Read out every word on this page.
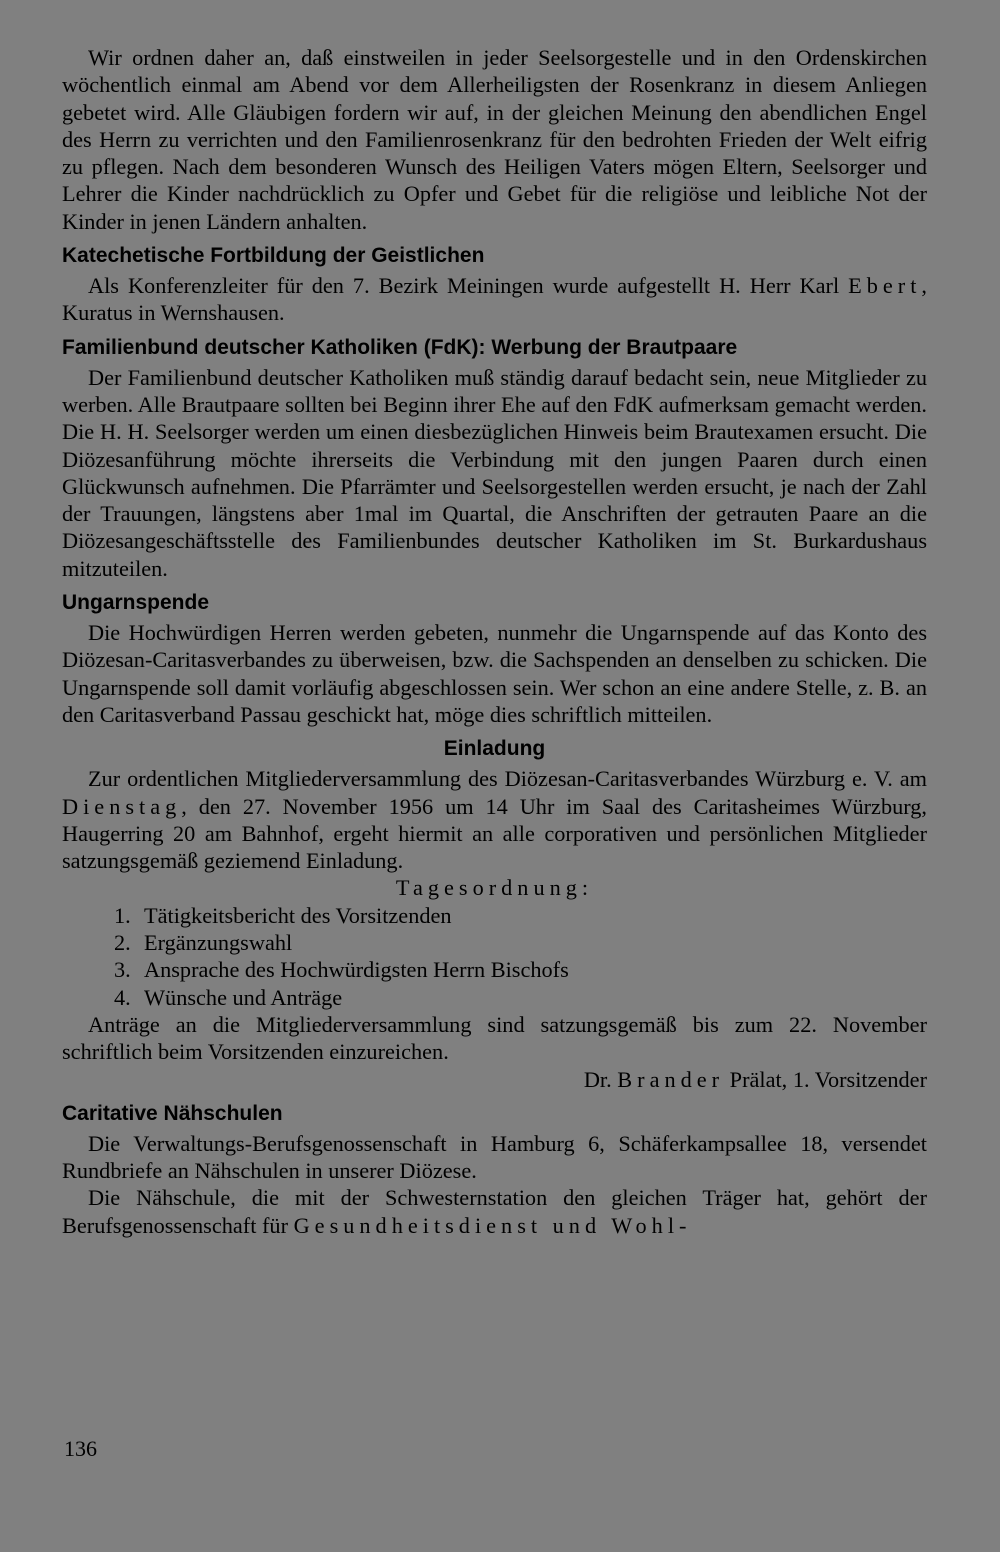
Wir ordnen daher an, daß einstweilen in jeder Seelsorgestelle und in den Ordenskirchen wöchentlich einmal am Abend vor dem Allerheiligsten der Rosenkranz in diesem Anliegen gebetet wird. Alle Gläubigen fordern wir auf, in der gleichen Meinung den abendlichen Engel des Herrn zu verrichten und den Familienrosenkranz für den bedrohten Frieden der Welt eifrig zu pflegen. Nach dem besonderen Wunsch des Heiligen Vaters mögen Eltern, Seelsorger und Lehrer die Kinder nachdrücklich zu Opfer und Gebet für die religiöse und leibliche Not der Kinder in jenen Ländern anhalten.

Katechetische Fortbildung der Geistlichen

Als Konferenzleiter für den 7. Bezirk Meiningen wurde aufgestellt H. Herr Karl Ebert, Kuratus in Wernshausen.

Familienbund deutscher Katholiken (FdK): Werbung der Brautpaare

Der Familienbund deutscher Katholiken muß ständig darauf bedacht sein, neue Mitglieder zu werben. Alle Brautpaare sollten bei Beginn ihrer Ehe auf den FdK aufmerksam gemacht werden. Die H. H. Seelsorger werden um einen diesbezüglichen Hinweis beim Brautexamen ersucht. Die Diözesanführung möchte ihrerseits die Verbindung mit den jungen Paaren durch einen Glückwunsch aufnehmen. Die Pfarrämter und Seelsorgestellen werden ersucht, je nach der Zahl der Trauungen, längstens aber 1mal im Quartal, die Anschriften der getrauten Paare an die Diözesangeschäftsstelle des Familienbundes deutscher Katholiken im St. Burkardushaus mitzuteilen.

Ungarnspende

Die Hochwürdigen Herren werden gebeten, nunmehr die Ungarnspende auf das Konto des Diözesan-Caritasverbandes zu überweisen, bzw. die Sachspenden an denselben zu schicken. Die Ungarnspende soll damit vorläufig abgeschlossen sein. Wer schon an eine andere Stelle, z. B. an den Caritasverband Passau geschickt hat, möge dies schriftlich mitteilen.

Einladung

Zur ordentlichen Mitgliederversammlung des Diözesan-Caritasverbandes Würzburg e. V. am Dienstag, den 27. November 1956 um 14 Uhr im Saal des Caritasheimes Würzburg, Haugerring 20 am Bahnhof, ergeht hiermit an alle corporativen und persönlichen Mitglieder satzungsgemäß geziemend Einladung.

Tagesordnung:

1. Tätigkeitsbericht des Vorsitzenden
2. Ergänzungswahl
3. Ansprache des Hochwürdigsten Herrn Bischofs
4. Wünsche und Anträge

Anträge an die Mitgliederversammlung sind satzungsgemäß bis zum 22. November schriftlich beim Vorsitzenden einzureichen.

Dr. Brander Prälat, 1. Vorsitzender

Caritative Nähschulen

Die Verwaltungs-Berufsgenossenschaft in Hamburg 6, Schäferkampsallee 18, versendet Rundbriefe an Nähschulen in unserer Diözese.

Die Nähschule, die mit der Schwesternstation den gleichen Träger hat, gehört der Berufsgenossenschaft für Gesundheitsdienst und Wohl-

136
